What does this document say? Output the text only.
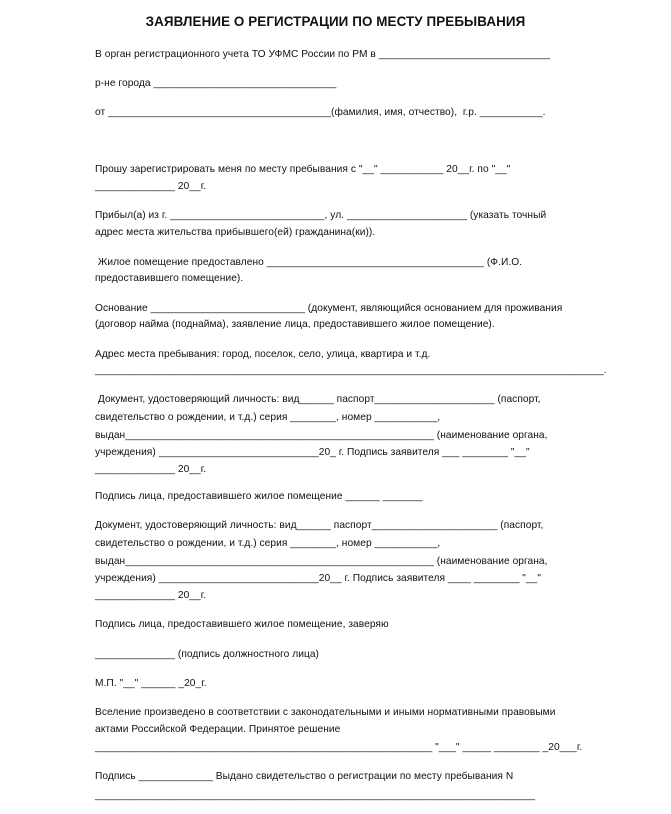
ЗАЯВЛЕНИЕ О РЕГИСТРАЦИИ ПО МЕСТУ ПРЕБЫВАНИЯ
В орган регистрационного учета ТО УФМС России по РМ в ______________________________
р-не города ________________________________
от _______________________________________(фамилия, имя, отчество),  г.р. ___________.
Прошу зарегистрировать меня по месту пребывания с "__" ___________ 20__г. по "__"
______________ 20__г.
Прибыл(а) из г. ___________________________, ул. _____________________ (указать точный
адрес места жительства прибывшего(ей) гражданина(ки)).
Жилое помещение предоставлено ______________________________________ (Ф.И.О.
предоставившего помещение).
Основание ___________________________ (документ, являющийся основанием для проживания
(договор найма (поднайма), заявление лица, предоставившего жилое помещение).
Адрес места пребывания: город, поселок, село, улица, квартира и т.д.
_________________________________________________________________________________________.
Документ, удостоверяющий личность: вид______ паспорт_____________________ (паспорт,
свидетельство о рождении, и т.д.) серия ________, номер ___________,
выдан______________________________________________________ (наименование органа,
учреждения) ____________________________20_ г. Подпись заявителя ___ ________ "__"
______________ 20__г.
Подпись лица, предоставившего жилое помещение ______ _______
Документ, удостоверяющий личность: вид______ паспорт______________________ (паспорт,
свидетельство о рождении, и т.д.) серия ________, номер ___________,
выдан______________________________________________________ (наименование органа,
учреждения) ____________________________20__ г. Подпись заявителя ____ ________ "__"
______________ 20__г.
Подпись лица, предоставившего жилое помещение, заверяю
______________ (подпись должностного лица)
М.П. "__" ______ _20_г.
Вселение произведено в соответствии с законодательными и иными нормативными правовыми
актами Российской Федерации. Принятое решение
___________________________________________________________ "___" _____ ________ _20___г.
Подпись _____________ Выдано свидетельство о регистрации по месту пребывания N
_____________________________________________________________________________
